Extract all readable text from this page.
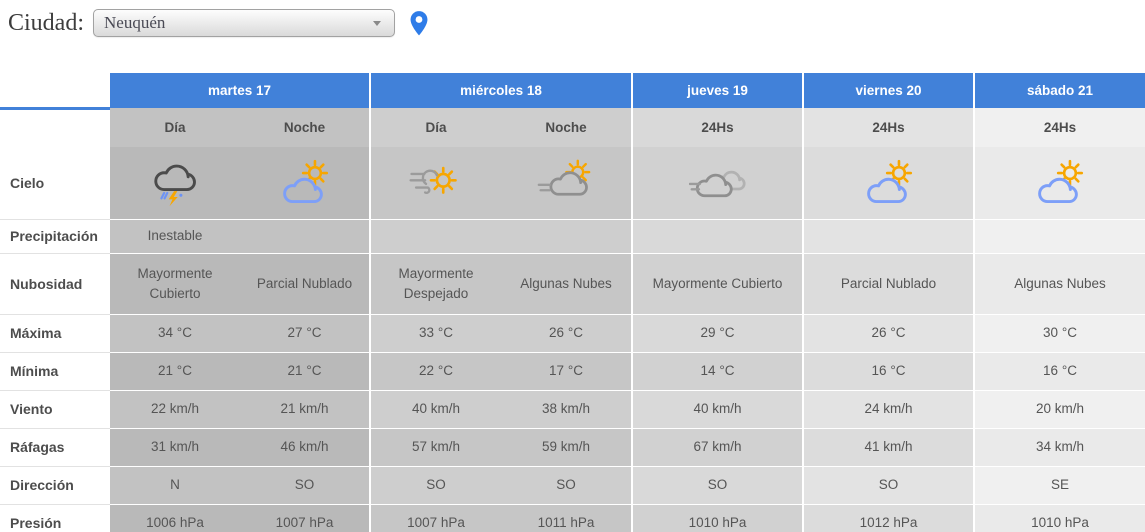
Ciudad:	Neuquén
	martes 17		miércoles 18		jueves 19	viernes 20	sábado 21
	Día	Noche	Día	Noche	24Hs	24Hs	24Hs
Cielo							
Precipitación	Inestable						
Nubosidad	Mayormente Cubierto	Parcial Nublado	Mayormente Despejado	Algunas Nubes	Mayormente Cubierto	Parcial Nublado	Algunas Nubes
Máxima	34 °C	27 °C	33 °C	26 °C	29 °C	26 °C	30 °C
Mínima	21 °C	21 °C	22 °C	17 °C	14 °C	16 °C	16 °C
Viento	22 km/h	21 km/h	40 km/h	38 km/h	40 km/h	24 km/h	20 km/h
Ráfagas	31 km/h	46 km/h	57 km/h	59 km/h	67 km/h	41 km/h	34 km/h
Dirección	N	SO	SO	SO	SO	SO	SE
Presión	1006 hPa	1007 hPa	1007 hPa	1011 hPa	1010 hPa	1012 hPa	1010 hPa
